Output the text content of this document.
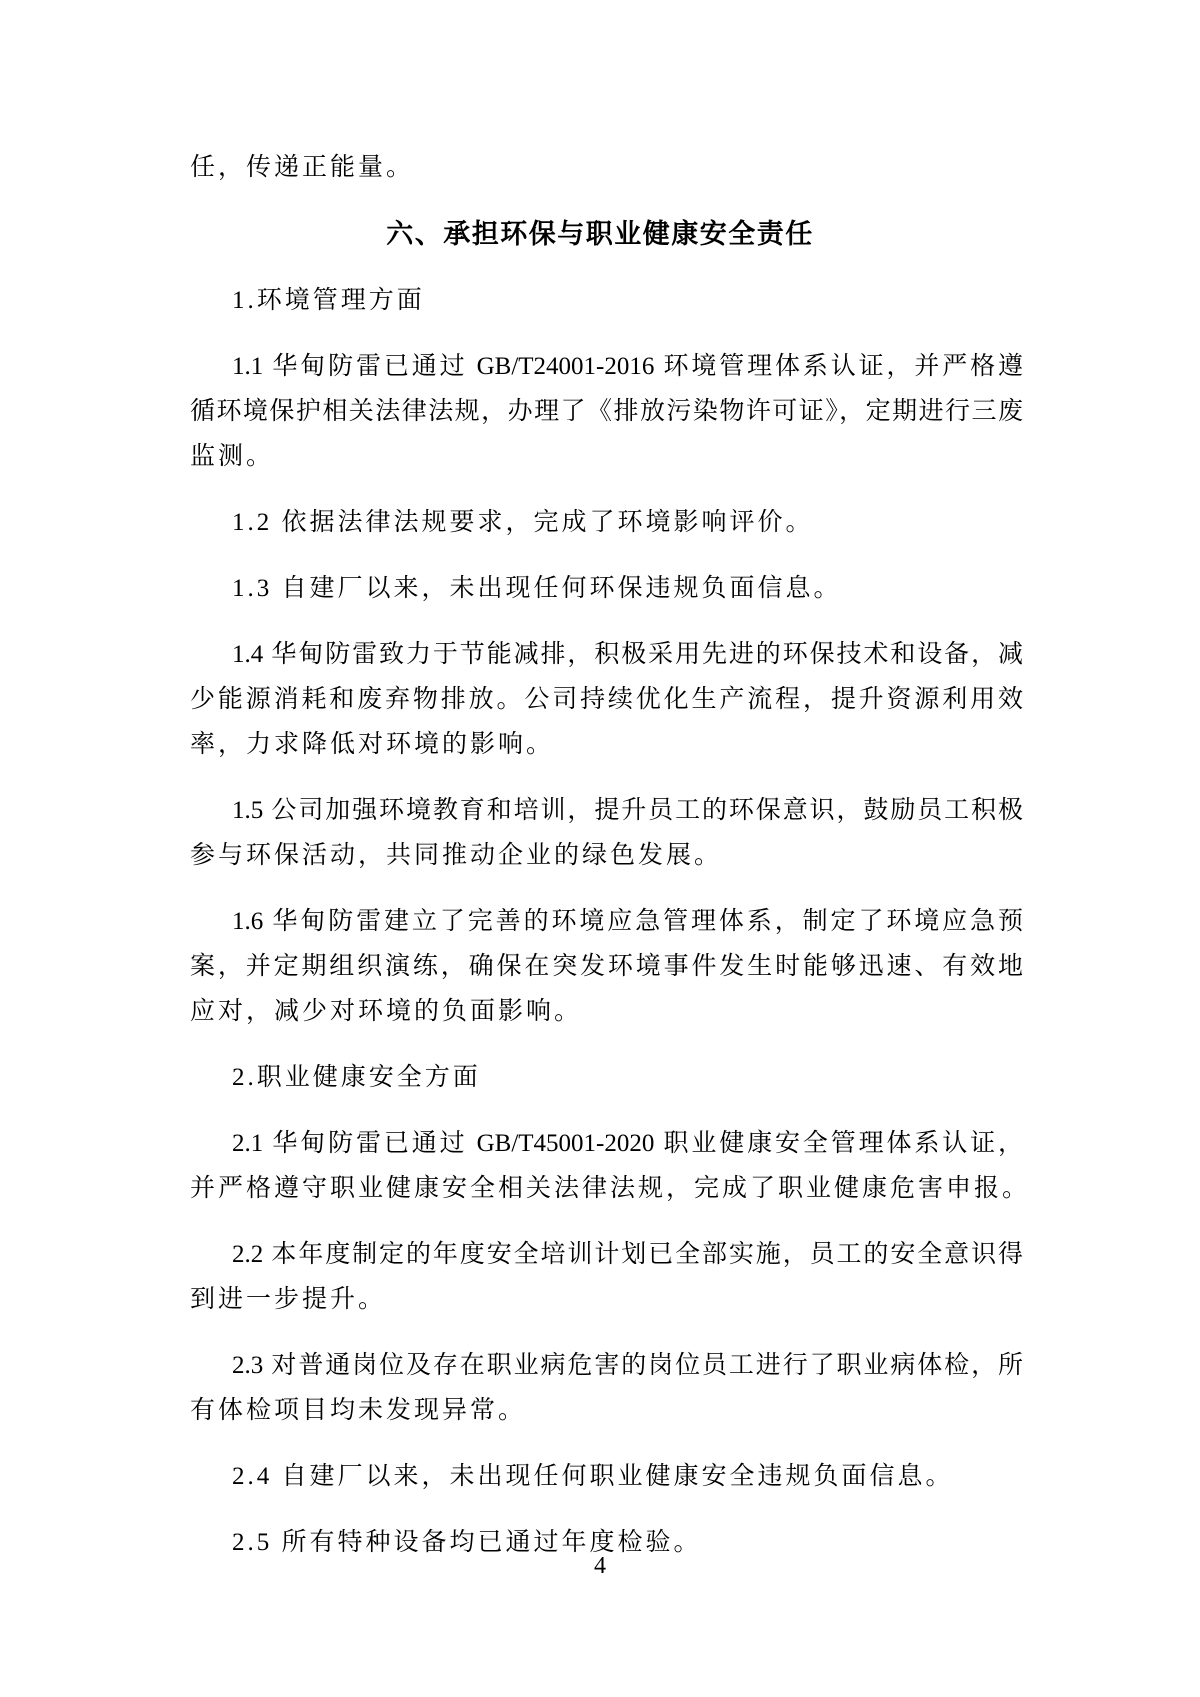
任，传递正能量。
六、承担环保与职业健康安全责任
1.环境管理方面
1.1 华甸防雷已通过 GB/T24001-2016 环境管理体系认证，并严格遵
循环境保护相关法律法规，办理了《排放污染物许可证》，定期进行三废
监测。
1.2 依据法律法规要求，完成了环境影响评价。
1.3 自建厂以来，未出现任何环保违规负面信息。
1.4 华甸防雷致力于节能减排，积极采用先进的环保技术和设备，减
少能源消耗和废弃物排放。公司持续优化生产流程，提升资源利用效
率，力求降低对环境的影响。
1.5 公司加强环境教育和培训，提升员工的环保意识，鼓励员工积极
参与环保活动，共同推动企业的绿色发展。
1.6 华甸防雷建立了完善的环境应急管理体系，制定了环境应急预
案，并定期组织演练，确保在突发环境事件发生时能够迅速、有效地
应对，减少对环境的负面影响。
2.职业健康安全方面
2.1 华甸防雷已通过 GB/T45001-2020 职业健康安全管理体系认证，
并严格遵守职业健康安全相关法律法规，完成了职业健康危害申报。
2.2 本年度制定的年度安全培训计划已全部实施，员工的安全意识得
到进一步提升。
2.3 对普通岗位及存在职业病危害的岗位员工进行了职业病体检，所
有体检项目均未发现异常。
2.4 自建厂以来，未出现任何职业健康安全违规负面信息。
2.5 所有特种设备均已通过年度检验。
4
